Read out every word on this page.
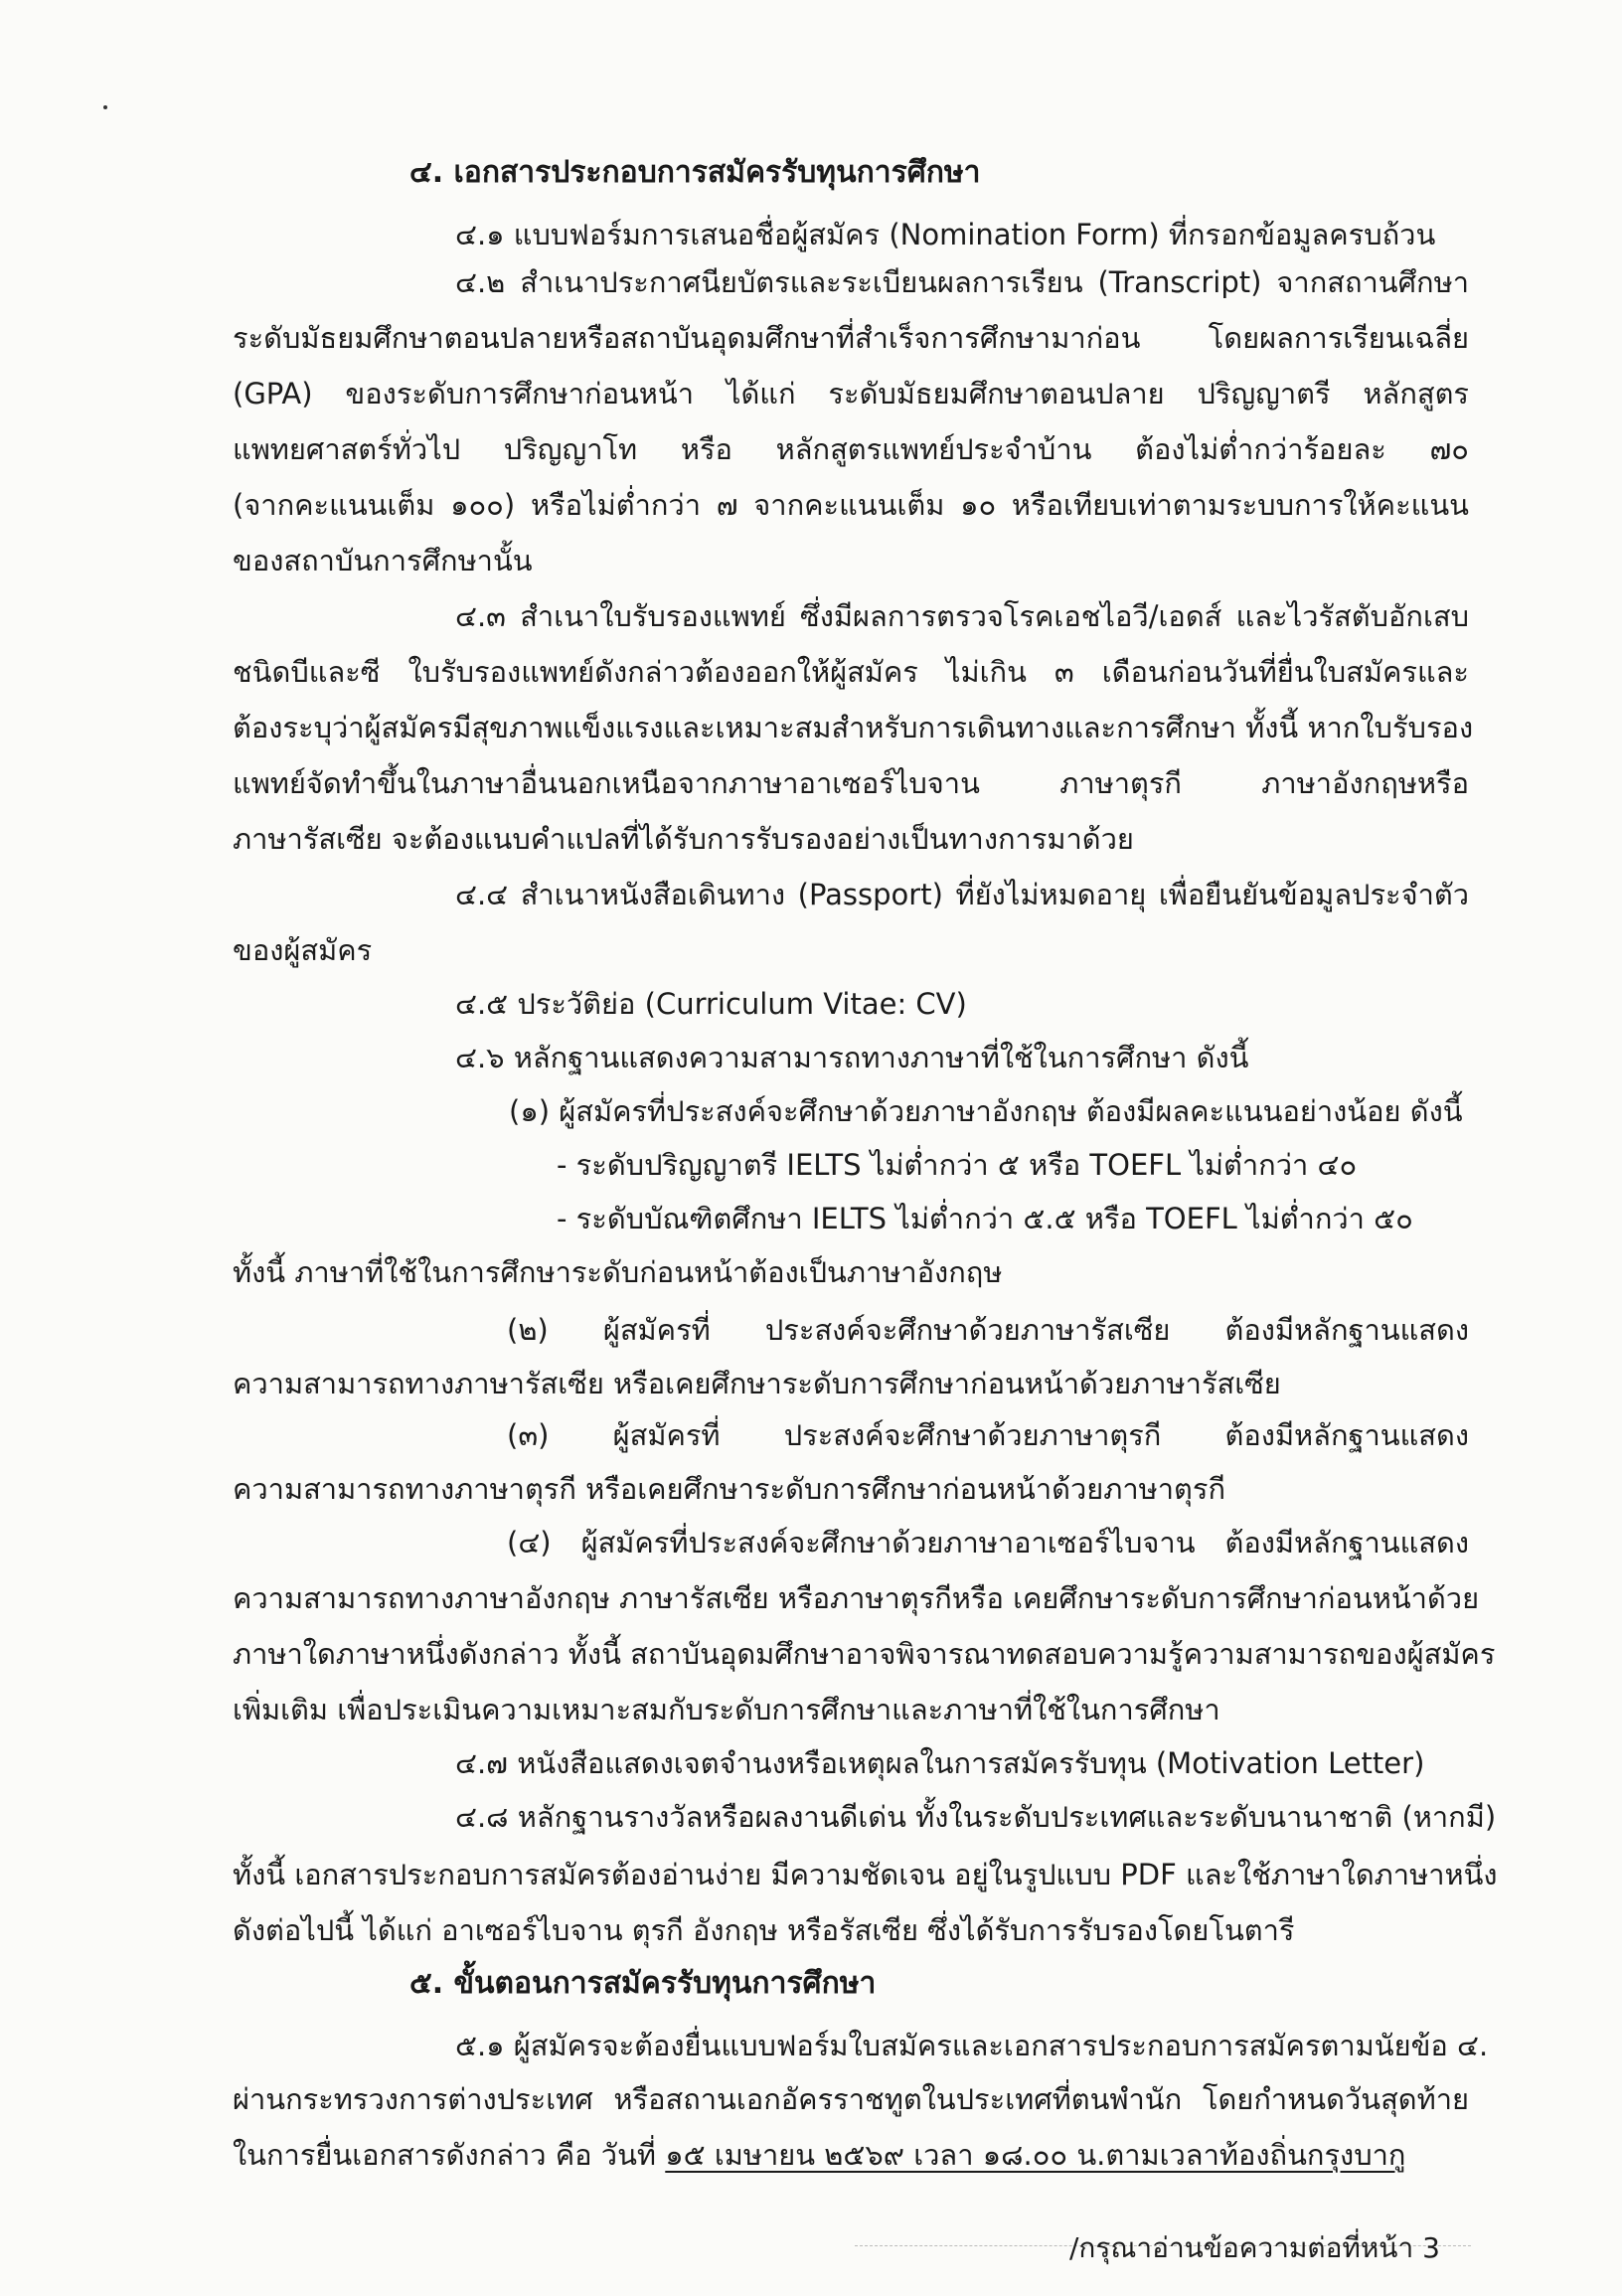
๔. เอกสารประกอบการสมัครรับทุนการศึกษา
๔.๑ แบบฟอร์มการเสนอชื่อผู้สมัคร (Nomination Form) ที่กรอกข้อมูลครบถ้วน
๔.๒ สำเนาประกาศนียบัตรและระเบียนผลการเรียน (Transcript) จากสถานศึกษา
ระดับมัธยมศึกษาตอนปลายหรือสถาบันอุดมศึกษาที่สำเร็จการศึกษามาก่อน โดยผลการเรียนเฉลี่ย
(GPA) ของระดับการศึกษาก่อนหน้า ได้แก่ ระดับมัธยมศึกษาตอนปลาย ปริญญาตรี หลักสูตร
แพทยศาสตร์ทั่วไป ปริญญาโท หรือ หลักสูตรแพทย์ประจำบ้าน ต้องไม่ต่ำกว่าร้อยละ ๗๐
(จากคะแนนเต็ม ๑๐๐) หรือไม่ต่ำกว่า ๗ จากคะแนนเต็ม ๑๐ หรือเทียบเท่าตามระบบการให้คะแนน
ของสถาบันการศึกษานั้น
๔.๓ สำเนาใบรับรองแพทย์ ซึ่งมีผลการตรวจโรคเอชไอวี/เอดส์ และไวรัสตับอักเสบ
ชนิดบีและซี ใบรับรองแพทย์ดังกล่าวต้องออกให้ผู้สมัคร ไม่เกิน ๓ เดือนก่อนวันที่ยื่นใบสมัครและ
ต้องระบุว่าผู้สมัครมีสุขภาพแข็งแรงและเหมาะสมสำหรับการเดินทางและการศึกษา ทั้งนี้ หากใบรับรอง
แพทย์จัดทำขึ้นในภาษาอื่นนอกเหนือจากภาษาอาเซอร์ไบจาน ภาษาตุรกี ภาษาอังกฤษหรือ
ภาษารัสเซีย จะต้องแนบคำแปลที่ได้รับการรับรองอย่างเป็นทางการมาด้วย
๔.๔ สำเนาหนังสือเดินทาง (Passport) ที่ยังไม่หมดอายุ เพื่อยืนยันข้อมูลประจำตัว
ของผู้สมัคร
๔.๕ ประวัติย่อ (Curriculum Vitae: CV)
๔.๖ หลักฐานแสดงความสามารถทางภาษาที่ใช้ในการศึกษา ดังนี้
(๑) ผู้สมัครที่ประสงค์จะศึกษาด้วยภาษาอังกฤษ ต้องมีผลคะแนนอย่างน้อย ดังนี้
- ระดับปริญญาตรี IELTS ไม่ต่ำกว่า ๕ หรือ TOEFL ไม่ต่ำกว่า ๔๐
- ระดับบัณฑิตศึกษา IELTS ไม่ต่ำกว่า ๕.๕ หรือ TOEFL ไม่ต่ำกว่า ๕๐
ทั้งนี้ ภาษาที่ใช้ในการศึกษาระดับก่อนหน้าต้องเป็นภาษาอังกฤษ
(๒) ผู้สมัครที่ ประสงค์จะศึกษาด้วยภาษารัสเซีย ต้องมีหลักฐานแสดง
ความสามารถทางภาษารัสเซีย หรือเคยศึกษาระดับการศึกษาก่อนหน้าด้วยภาษารัสเซีย
(๓) ผู้สมัครที่ ประสงค์จะศึกษาด้วยภาษาตุรกี ต้องมีหลักฐานแสดง
ความสามารถทางภาษาตุรกี หรือเคยศึกษาระดับการศึกษาก่อนหน้าด้วยภาษาตุรกี
(๔) ผู้สมัครที่ประสงค์จะศึกษาด้วยภาษาอาเซอร์ไบจาน ต้องมีหลักฐานแสดง
ความสามารถทางภาษาอังกฤษ ภาษารัสเซีย หรือภาษาตุรกีหรือ เคยศึกษาระดับการศึกษาก่อนหน้าด้วย
ภาษาใดภาษาหนึ่งดังกล่าว ทั้งนี้ สถาบันอุดมศึกษาอาจพิจารณาทดสอบความรู้ความสามารถของผู้สมัคร
เพิ่มเติม เพื่อประเมินความเหมาะสมกับระดับการศึกษาและภาษาที่ใช้ในการศึกษา
๔.๗ หนังสือแสดงเจตจำนงหรือเหตุผลในการสมัครรับทุน (Motivation Letter)
๔.๘ หลักฐานรางวัลหรือผลงานดีเด่น ทั้งในระดับประเทศและระดับนานาชาติ (หากมี)
ทั้งนี้ เอกสารประกอบการสมัครต้องอ่านง่าย มีความชัดเจน อยู่ในรูปแบบ PDF และใช้ภาษาใดภาษาหนึ่ง
ดังต่อไปนี้ ได้แก่ อาเซอร์ไบจาน ตุรกี อังกฤษ หรือรัสเซีย ซึ่งได้รับการรับรองโดยโนตารี
๕. ขั้นตอนการสมัครรับทุนการศึกษา
๕.๑ ผู้สมัครจะต้องยื่นแบบฟอร์มใบสมัครและเอกสารประกอบการสมัครตามนัยข้อ ๔.
ผ่านกระทรวงการต่างประเทศ หรือสถานเอกอัครราชทูตในประเทศที่ตนพำนัก โดยกำหนดวันสุดท้าย
ในการยื่นเอกสารดังกล่าว คือ วันที่ ๑๕ เมษายน ๒๕๖๙ เวลา ๑๘.๐๐ น.ตามเวลาท้องถิ่นกรุงบากู
/กรุณาอ่านข้อความต่อที่หน้า 3
